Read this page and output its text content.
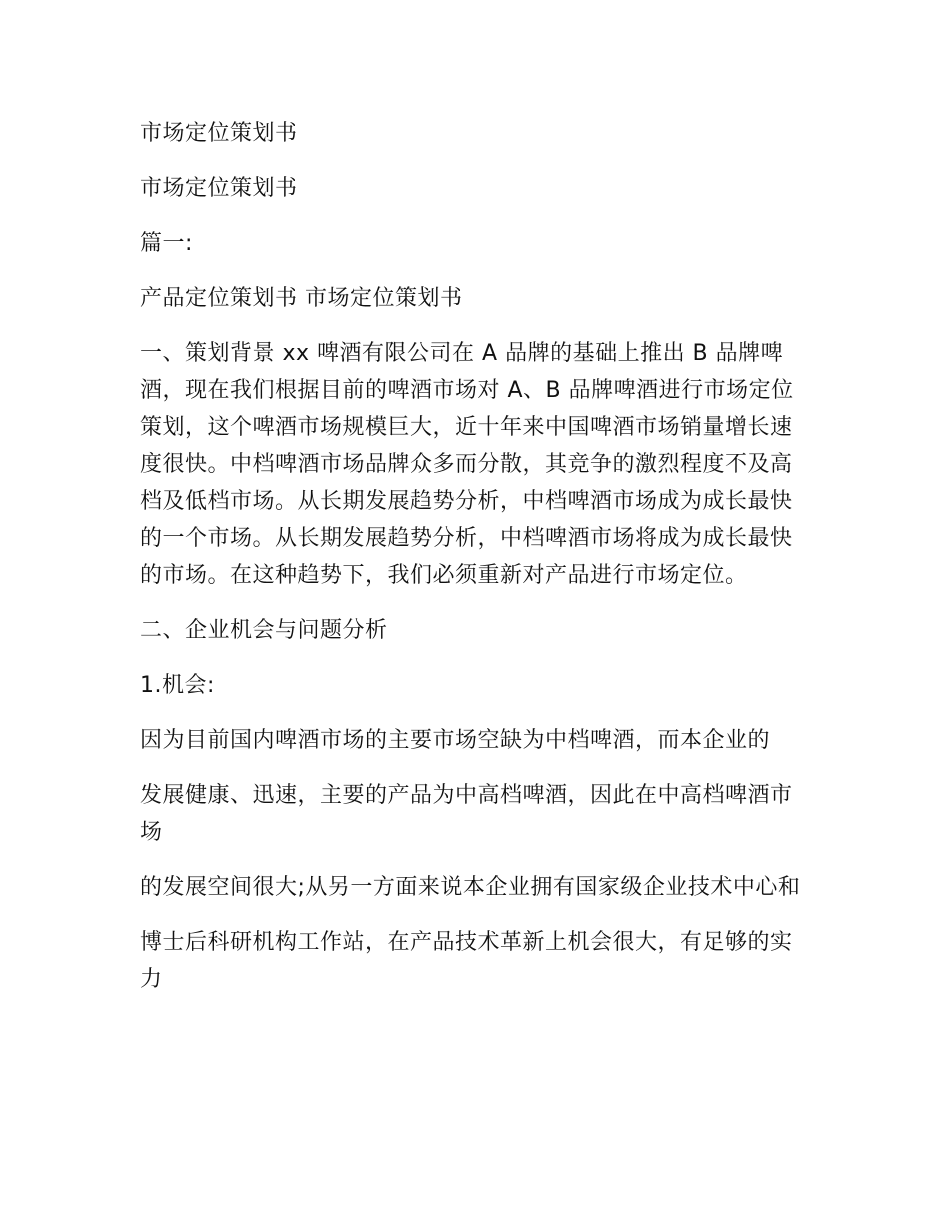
市场定位策划书

市场定位策划书

篇一:

产品定位策划书 市场定位策划书

一、策划背景 xx 啤酒有限公司在 A 品牌的基础上推出 B 品牌啤酒，现在我们根据目前的啤酒市场对 A、B 品牌啤酒进行市场定位策划，这个啤酒市场规模巨大，近十年来中国啤酒市场销量增长速度很快。中档啤酒市场品牌众多而分散，其竞争的激烈程度不及高档及低档市场。从长期发展趋势分析，中档啤酒市场成为成长最快的一个市场。从长期发展趋势分析，中档啤酒市场将成为成长最快的市场。在这种趋势下，我们必须重新对产品进行市场定位。

二、企业机会与问题分析

1.机会:

因为目前国内啤酒市场的主要市场空缺为中档啤酒，而本企业的

发展健康、迅速，主要的产品为中高档啤酒，因此在中高档啤酒市场

的发展空间很大;从另一方面来说本企业拥有国家级企业技术中心和

博士后科研机构工作站，在产品技术革新上机会很大，有足够的实力
